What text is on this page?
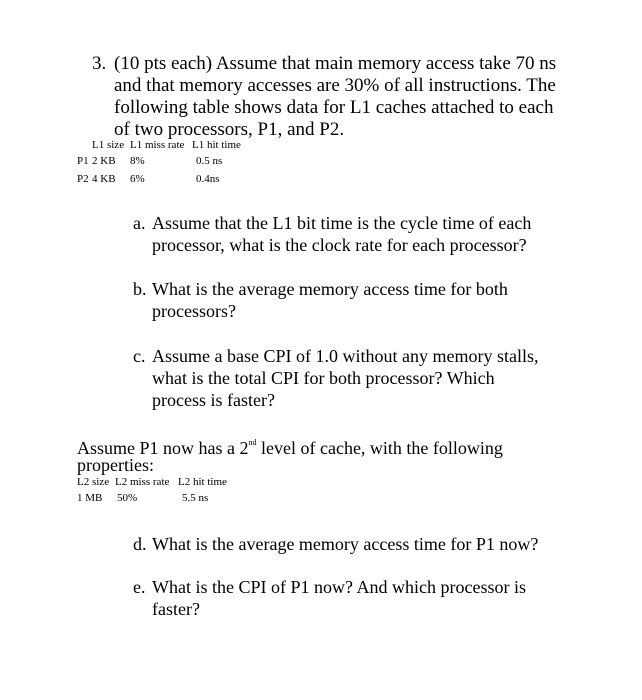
3. (10 pts each) Assume that main memory access take 70 ns
and that memory accesses are 30% of all instructions. The
following table shows data for L1 caches attached to each
of two processors, P1, and P2.
L1 size L1 miss rate L1 hit time
P1 2 KB 8%	0.5 ns
P2 4 KB 6%	0.4ns
a. Assume that the L1 bit time is the cycle time of each
processor, what is the clock rate for each processor?
b. What is the average memory access time for both
processors?
c. Assume a base CPI of 1.0 without any memory stalls,
what is the total CPI for both processor? Which
process is faster?
Assume P1 now has a 2nd level of cache, with the following
properties:
L2 size L2 miss rate L2 hit time
1 MB 50%	5.5 ns
d. What is the average memory access time for P1 now?
e. What is the CPI of P1 now? And which processor is
faster?
